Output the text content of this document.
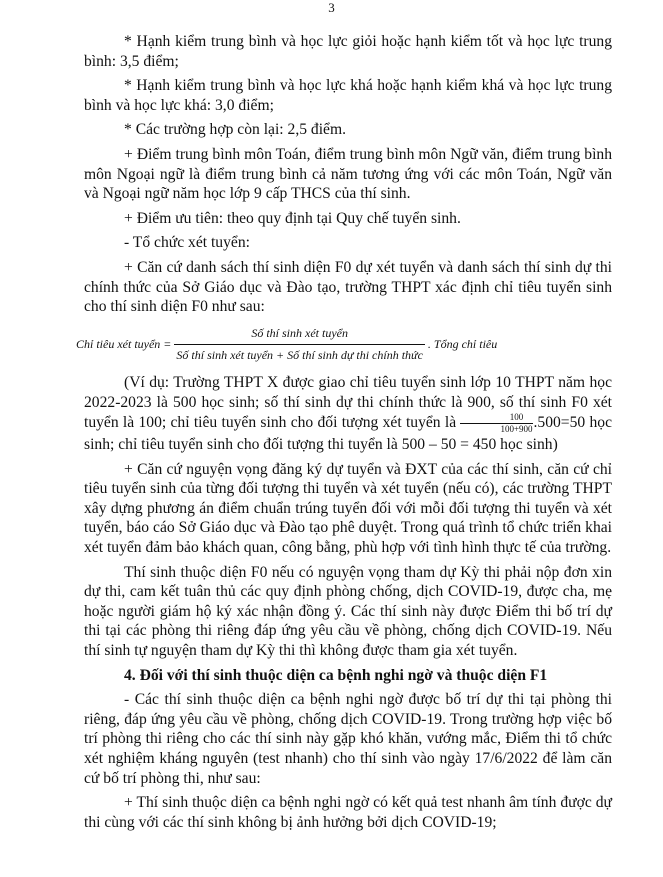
3

* Hạnh kiểm trung bình và học lực giỏi hoặc hạnh kiểm tốt và học lực trung bình: 3,5 điểm;

* Hạnh kiểm trung bình và học lực khá hoặc hạnh kiểm khá và học lực trung bình và học lực khá: 3,0 điểm;

* Các trường hợp còn lại: 2,5 điểm.

+ Điểm trung bình môn Toán, điểm trung bình môn Ngữ văn, điểm trung bình môn Ngoại ngữ là điểm trung bình cả năm tương ứng với các môn Toán, Ngữ văn và Ngoại ngữ năm học lớp 9 cấp THCS của thí sinh.

+ Điểm ưu tiên: theo quy định tại Quy chế tuyển sinh.

- Tổ chức xét tuyển:

+ Căn cứ danh sách thí sinh diện F0 dự xét tuyển và danh sách thí sinh dự thi chính thức của Sở Giáo dục và Đào tạo, trường THPT xác định chỉ tiêu tuyển sinh cho thí sinh diện F0 như sau:

Chỉ tiêu xét tuyển = $\frac{\text{Số thí sinh xét tuyển}}{\text{Số thí sinh xét tuyển + Số thí sinh dự thi chính thức}}$ . Tổng chỉ tiêu

(Ví dụ: Trường THPT X được giao chỉ tiêu tuyển sinh lớp 10 THPT năm học 2022-2023 là 500 học sinh; số thí sinh dự thi chính thức là 900, số thí sinh F0 xét tuyển là 100; chỉ tiêu tuyển sinh cho đối tượng xét tuyển là $\frac{100}{100+900} .500=50$ học sinh; chỉ tiêu tuyển sinh cho đối tượng thi tuyển là 500 – 50 = 450 học sinh)

+ Căn cứ nguyện vọng đăng ký dự tuyển và ĐXT của các thí sinh, căn cứ chỉ tiêu tuyển sinh của từng đối tượng thi tuyển và xét tuyển (nếu có), các trường THPT xây dựng phương án điểm chuẩn trúng tuyển đối với mỗi đối tượng thi tuyển và xét tuyển, báo cáo Sở Giáo dục và Đào tạo phê duyệt. Trong quá trình tổ chức triển khai xét tuyển đảm bảo khách quan, công bằng, phù hợp với tình hình thực tế của trường.

Thí sinh thuộc diện F0 nếu có nguyện vọng tham dự Kỳ thi phải nộp đơn xin dự thi, cam kết tuân thủ các quy định phòng chống, dịch COVID-19, được cha, mẹ hoặc người giám hộ ký xác nhận đồng ý. Các thí sinh này được Điểm thi bố trí dự thi tại các phòng thi riêng đáp ứng yêu cầu về phòng, chống dịch COVID-19. Nếu thí sinh tự nguyện tham dự Kỳ thi thì không được tham gia xét tuyển.

4. Đối với thí sinh thuộc diện ca bệnh nghi ngờ và thuộc diện F1

- Các thí sinh thuộc diện ca bệnh nghi ngờ được bố trí dự thi tại phòng thi riêng, đáp ứng yêu cầu về phòng, chống dịch COVID-19. Trong trường hợp việc bố trí phòng thi riêng cho các thí sinh này gặp khó khăn, vướng mắc, Điểm thi tổ chức xét nghiệm kháng nguyên (test nhanh) cho thí sinh vào ngày 17/6/2022 để làm căn cứ bố trí phòng thi, như sau:

+ Thí sinh thuộc diện ca bệnh nghi ngờ có kết quả test nhanh âm tính được dự thi cùng với các thí sinh không bị ảnh hưởng bởi dịch COVID-19;
